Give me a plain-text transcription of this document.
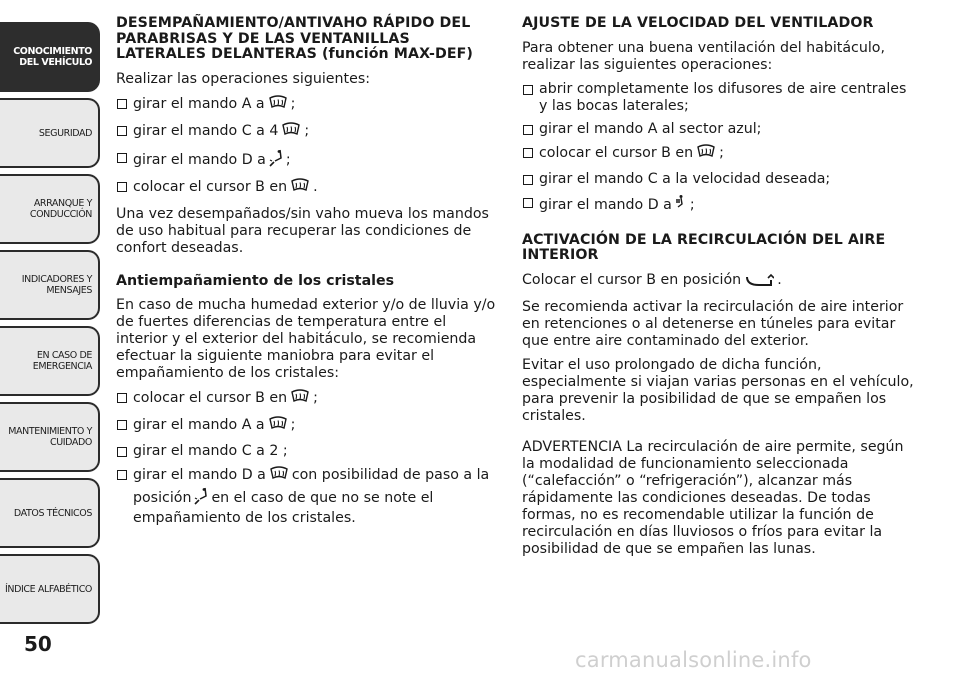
CONOCIMIENTO DEL VEHÍCULO
SEGURIDAD
ARRANQUE Y CONDUCCIÓN
INDICADORES Y MENSAJES
EN CASO DE EMERGENCIA
MANTENIMIENTO Y CUIDADO
DATOS TÉCNICOS
ÍNDICE ALFABÉTICO
50
DESEMPAÑAMIENTO/ANTIVAHO RÁPIDO DEL PARABRISAS Y DE LAS VENTANILLAS LATERALES DELANTERAS (función MAX-DEF)

Realizar las operaciones siguientes:

girar el mando A a ;
girar el mando C a 4 ;
girar el mando D a ;
colocar el cursor B en .

Una vez desempañados/sin vaho mueva los mandos de uso habitual para recuperar las condiciones de confort deseadas.

Antiempañamiento de los cristales

En caso de mucha humedad exterior y/o de lluvia y/o de fuertes diferencias de temperatura entre el interior y el exterior del habitáculo, se recomienda efectuar la siguiente maniobra para evitar el empañamiento de los cristales:

colocar el cursor B en ;
girar el mando A a ;
girar el mando C a 2 ;
girar el mando D a con posibilidad de paso a la posición en el caso de que no se note el empañamiento de los cristales.
AJUSTE DE LA VELOCIDAD DEL VENTILADOR

Para obtener una buena ventilación del habitáculo, realizar las siguientes operaciones:

abrir completamente los difusores de aire centrales y las bocas laterales;
girar el mando A al sector azul;
colocar el cursor B en ;
girar el mando C a la velocidad deseada;
girar el mando D a ;
ACTIVACIÓN DE LA RECIRCULACIÓN DEL AIRE INTERIOR

Colocar el cursor B en posición	.

Se recomienda activar la recirculación de aire interior en retenciones o al detenerse en túneles para evitar que entre aire contaminado del exterior.

Evitar el uso prolongado de dicha función, especialmente si viajan varias personas en el vehículo, para prevenir la posibilidad de que se empañen los cristales.

ADVERTENCIA La recirculación de aire permite, según la modalidad de funcionamiento seleccionada (“calefacción” o “refrigeración”), alcanzar más rápidamente las condiciones deseadas. De todas formas, no es recomendable utilizar la función de recirculación en días lluviosos o fríos para evitar la posibilidad de que se empañen las lunas.

carmanualsonline.info
